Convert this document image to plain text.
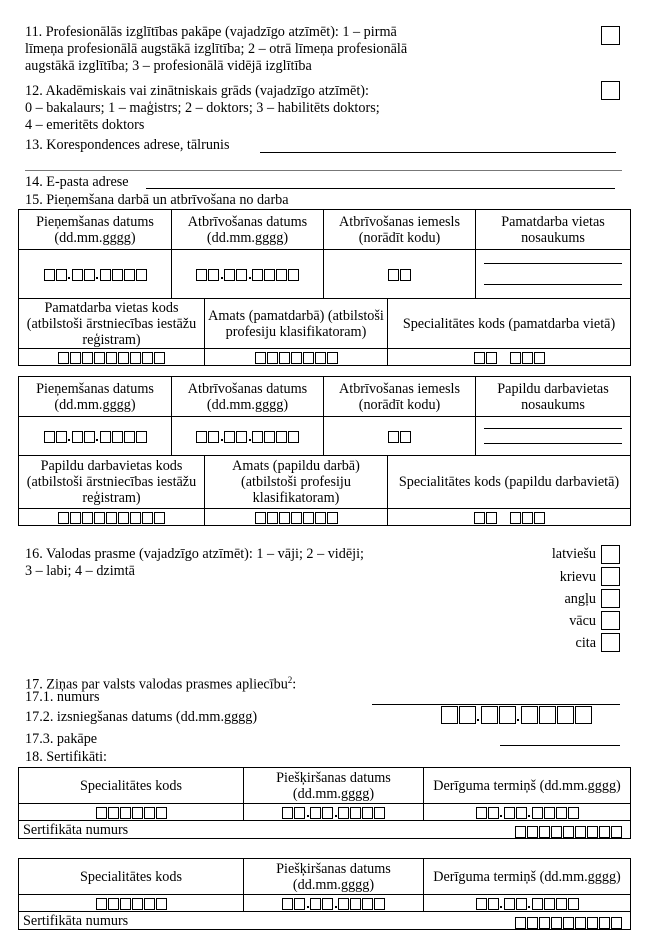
11. Profesionālās izglītības pakāpe (vajadzīgo atzīmēt): 1 – pirmā
līmeņa profesionālā augstākā izglītība; 2 – otrā līmeņa profesionālā
augstākā izglītība; 3 – profesionālā vidējā izglītība
12. Akadēmiskais vai zinātniskais grāds (vajadzīgo atzīmēt):
0 – bakalaurs; 1 – maģistrs; 2 – doktors; 3 – habilitēts doktors;
4 – emeritēts doktors
13. Korespondences adrese, tālrunis
14. E-pasta adrese
15. Pieņemšana darbā un atbrīvošana no darba
Pieņemšanas datums (dd.mm.gggg)	Atbrīvošanas datums (dd.mm.gggg)	Atbrīvošanas iemesls (norādīt kodu)	Pamatdarba vietas nosaukums

Pamatdarba vietas kods (atbilstoši ārstniecības iestāžu reģistram)	Amats (pamatdarbā) (atbilstoši profesiju klasifikatoram)	Specialitātes kods (pamatdarba vietā)

Pieņemšanas datums (dd.mm.gggg)	Atbrīvošanas datums (dd.mm.gggg)	Atbrīvošanas iemesls (norādīt kodu)	Papildu darbavietas nosaukums

Papildu darbavietas kods (atbilstoši ārstniecības iestāžu reģistram)	Amats (papildu darbā) (atbilstoši profesiju klasifikatoram)	Specialitātes kods (papildu darbavietā)

16. Valodas prasme (vajadzīgo atzīmēt): 1 – vāji; 2 – vidēji;
3 – labi; 4 – dzimtā
latviešu
krievu
angļu
vācu
cita
17. Ziņas par valsts valodas prasmes apliecību$^2$:
17.1. numurs
17.2. izsniegšanas datums (dd.mm.gggg)
17.3. pakāpe
18. Sertifikāti:
Specialitātes kods	Piešķiršanas datums (dd.mm.gggg)	Derīguma termiņš (dd.mm.gggg)

Sertifikāta numurs		
Specialitātes kods	Piešķiršanas datums (dd.mm.gggg)	Derīguma termiņš (dd.mm.gggg)

Sertifikāta numurs		
